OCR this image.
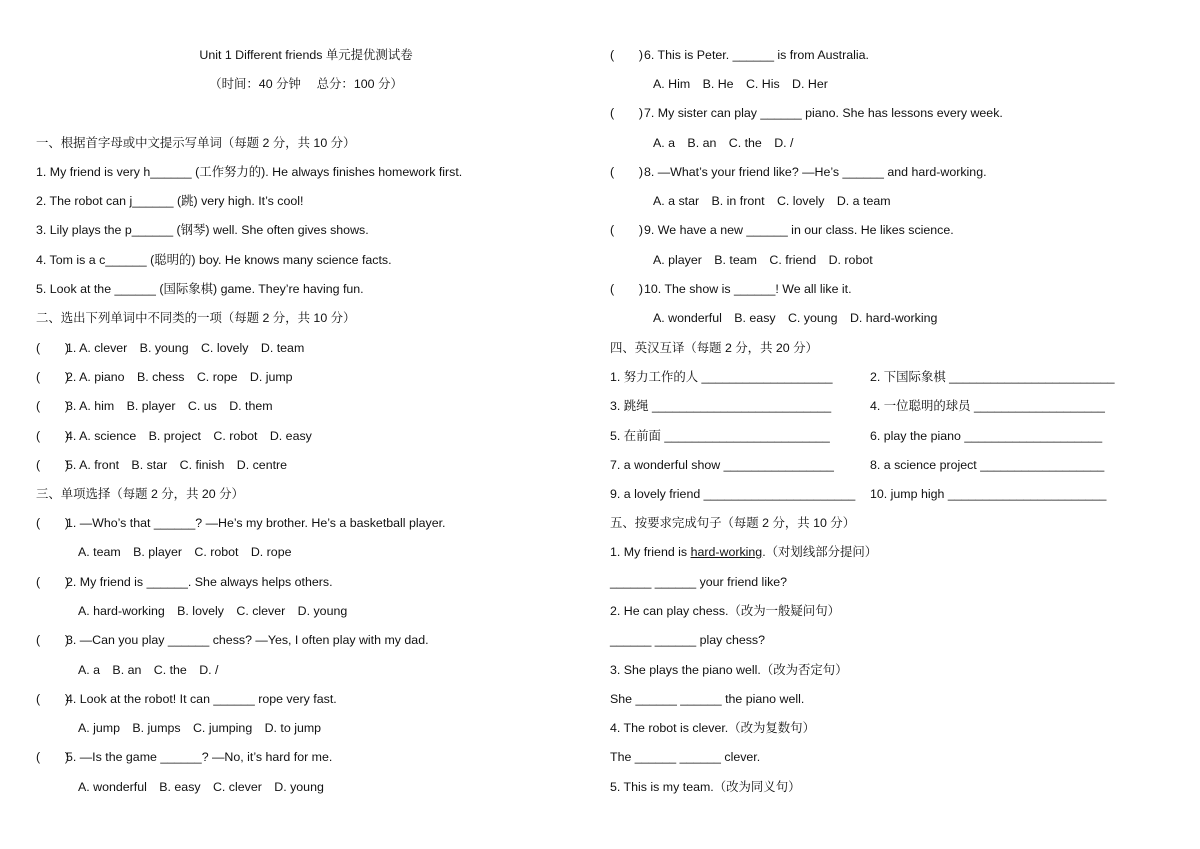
Unit 1 Different friends 单元提优测试卷
（时间：40 分钟　 总分：100 分）
一、根据首字母或中文提示写单词（每题 2 分，共 10 分）
1. My friend is very h______ (工作努力的). He always finishes homework first.
2. The robot can j______ (跳) very high. It’s cool!
3. Lily plays the p______ (钢琴) well. She often gives shows.
4. Tom is a c______ (聪明的) boy. He knows many science facts.
5. Look at the ______ (国际象棋) game. They’re having fun.
二、选出下列单词中不同类的一项（每题 2 分，共 10 分）
(　　)1. A. clever　B. young　C. lovely　D. team
(　　)2. A. piano　B. chess　C. rope　D. jump
(　　)3. A. him　B. player　C. us　D. them
(　　)4. A. science　B. project　C. robot　D. easy
(　　)5. A. front　B. star　C. finish　D. centre
三、单项选择（每题 2 分，共 20 分）
(　　)1. —Who’s that ______? —He’s my brother. He’s a basketball player.
A. team　B. player　C. robot　D. rope
(　　)2. My friend is ______. She always helps others.
A. hard-working　B. lovely　C. clever　D. young
(　　)3. —Can you play ______ chess? —Yes, I often play with my dad.
A. a　B. an　C. the　D. /
(　　)4. Look at the robot! It can ______ rope very fast.
A. jump　B. jumps　C. jumping　D. to jump
(　　)5. —Is the game ______? —No, it’s hard for me.
A. wonderful　B. easy　C. clever　D. young
(　　)6. This is Peter. ______ is from Australia.
A. Him　B. He　C. His　D. Her
(　　)7. My sister can play ______ piano. She has lessons every week.
A. a　B. an　C. the　D. /
(　　)8. —What’s your friend like? —He’s ______ and hard-working.
A. a star　B. in front　C. lovely　D. a team
(　　)9. We have a new ______ in our class. He likes science.
A. player　B. team　C. friend　D. robot
(　　)10. The show is ______! We all like it.
A. wonderful　B. easy　C. young　D. hard-working
四、英汉互译（每题 2 分，共 20 分）
1. 努力工作的人 ___________________	2. 下国际象棋 ________________________
3. 跳绳 __________________________	4. 一位聪明的球员 ___________________
5. 在前面 ________________________	6. play the piano ____________________
7. a wonderful show ________________	8. a science project __________________
9. a lovely friend ______________________ 10. jump high _______________________
五、按要求完成句子（每题 2 分，共 10 分）
1. My friend is hard-working.（对划线部分提问）
______ ______ your friend like?
2. He can play chess.（改为一般疑问句）
______ ______ play chess?
3. She plays the piano well.（改为否定句）
She ______ ______ the piano well.
4. The robot is clever.（改为复数句）
The ______ ______ clever.
5. This is my team.（改为同义句）
